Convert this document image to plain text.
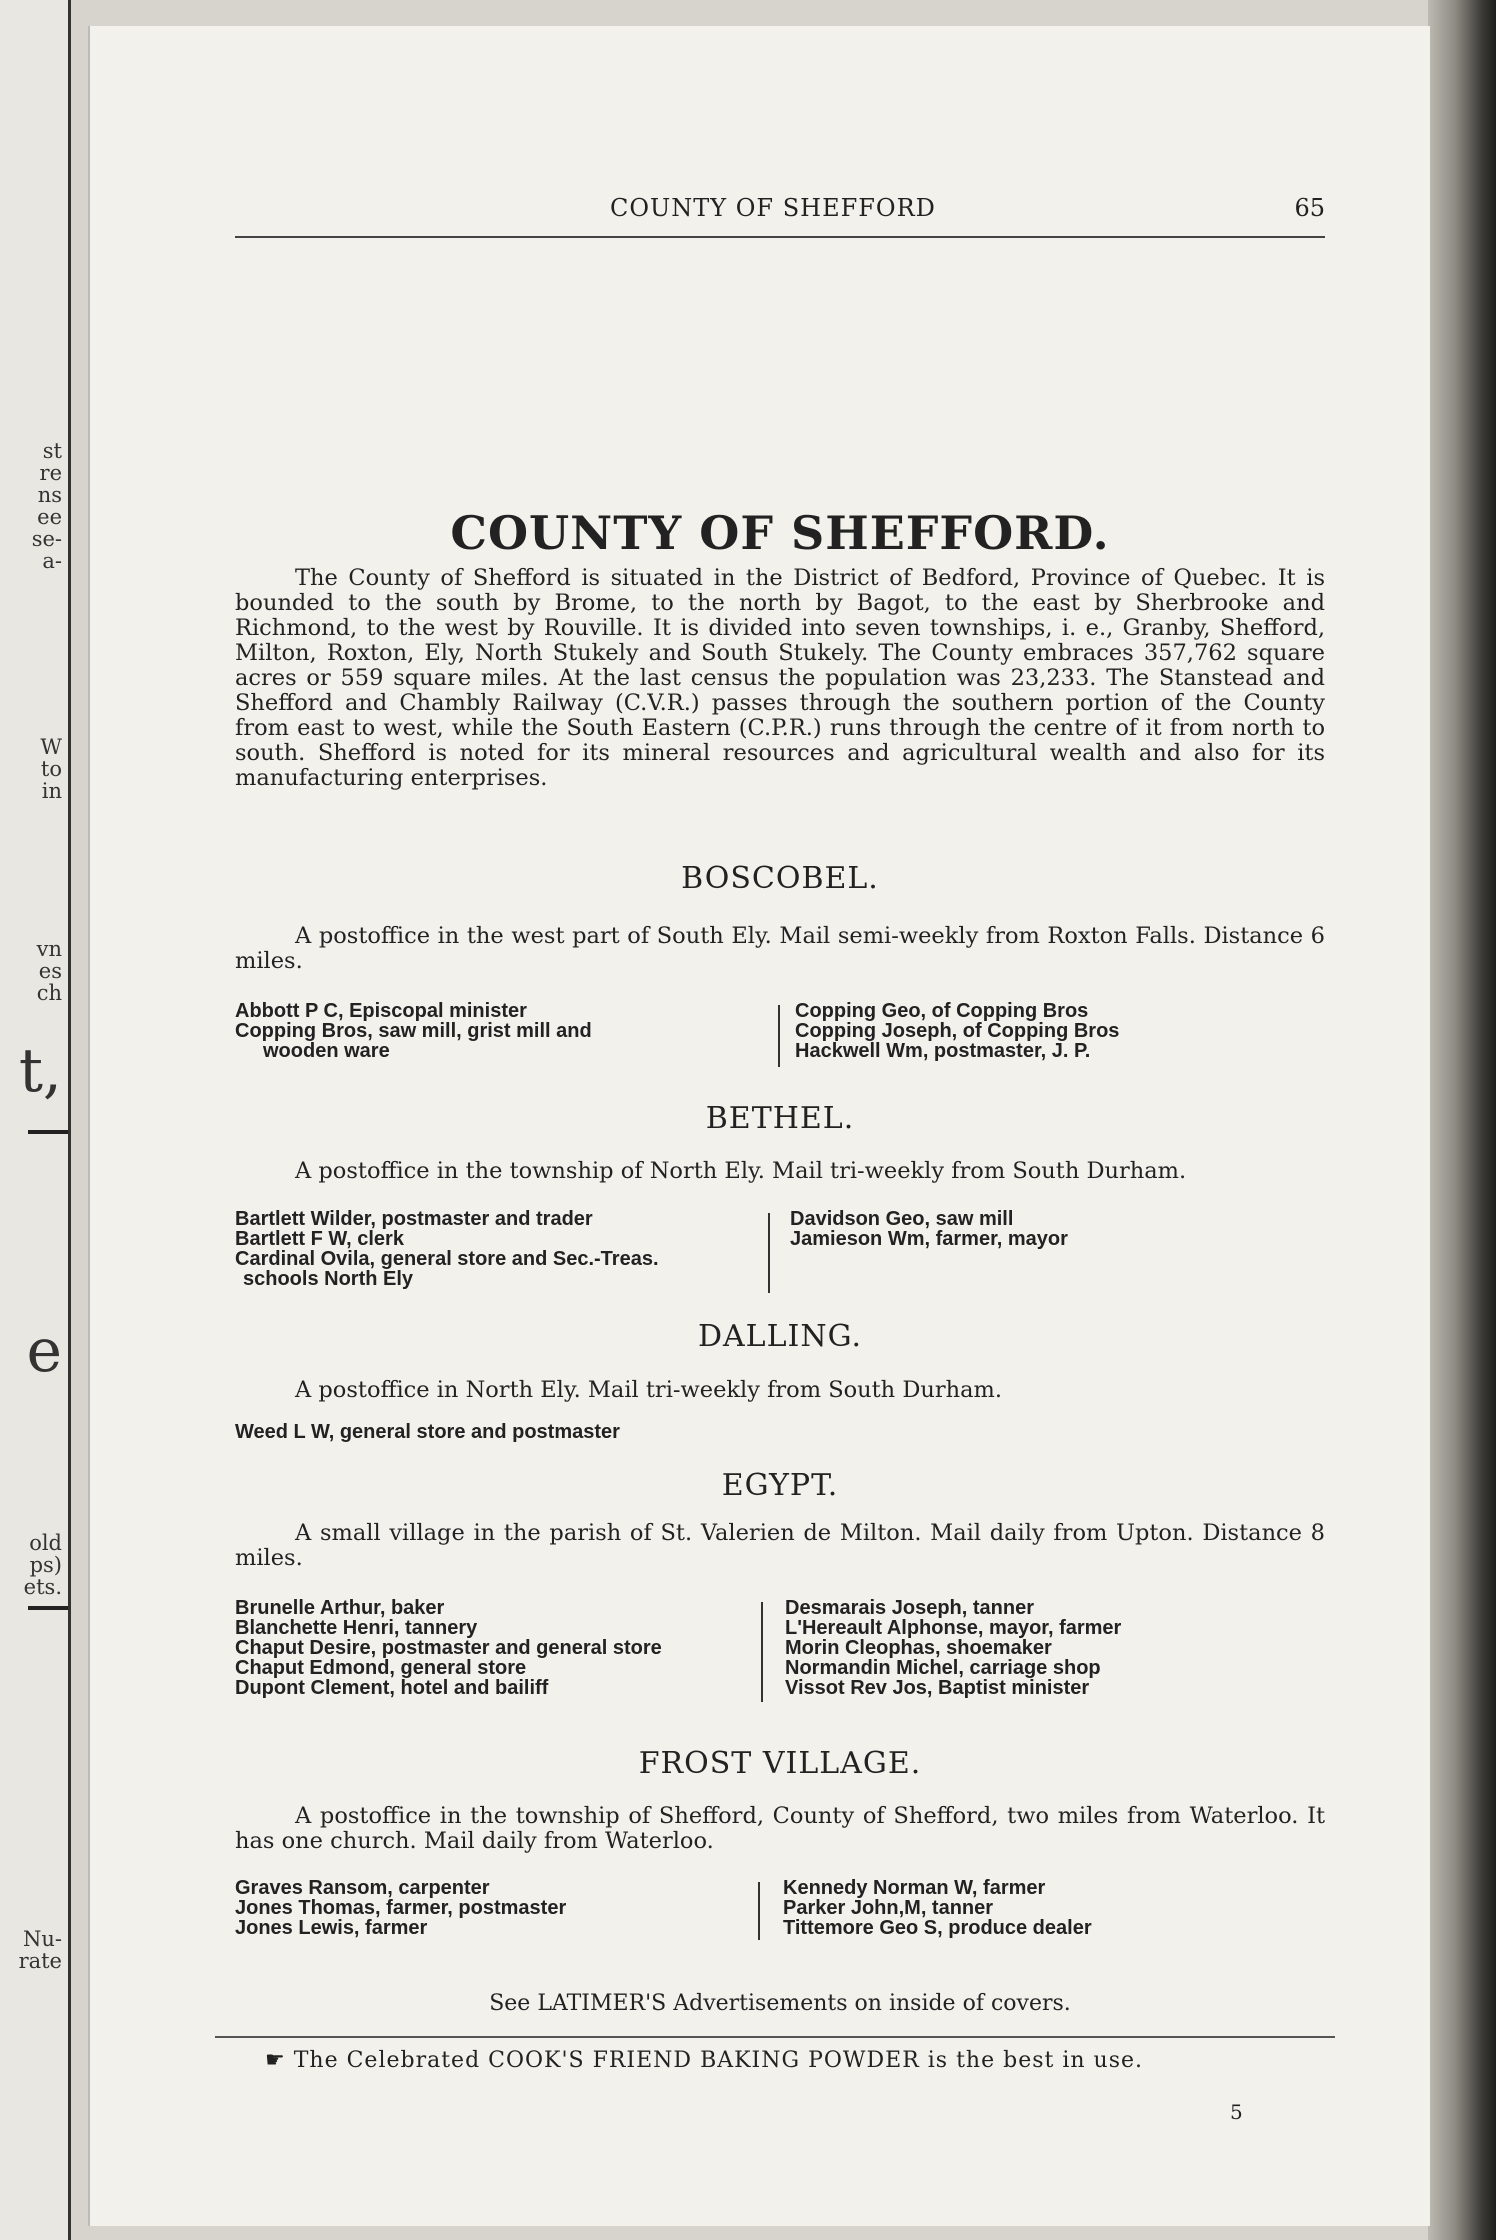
st
re
ns
ee
se-
a-
W
to
in
vn
es
ch
t,
e
old
ps)
ets.
Nu-
rate
COUNTY OF SHEFFORD	65
COUNTY OF SHEFFORD.
The County of Shefford is situated in the District of Bedford, Province of Quebec. It is bounded to the south by Brome, to the north by Bagot, to the east by Sherbrooke and Richmond, to the west by Rouville. It is divided into seven townships, i. e., Granby, Shefford, Milton, Roxton, Ely, North Stukely and South Stukely. The County embraces 357,762 square acres or 559 square miles. At the last census the population was 23,233. The Stanstead and Shefford and Chambly Railway (C.V.R.) passes through the southern portion of the County from east to west, while the South Eastern (C.P.R.) runs through the centre of it from north to south. Shefford is noted for its mineral resources and agricultural wealth and also for its manufacturing enterprises.
BOSCOBEL.
A postoffice in the west part of South Ely. Mail semi-weekly from Roxton Falls. Distance 6 miles.
Abbott P C, Episcopal minister
Copping Bros, saw mill, grist mill and
wooden ware
Copping Geo, of Copping Bros
Copping Joseph, of Copping Bros
Hackwell Wm, postmaster, J. P.
BETHEL.
A postoffice in the township of North Ely. Mail tri-weekly from South Durham.
Bartlett Wilder, postmaster and trader
Bartlett F W, clerk
Cardinal Ovila, general store and Sec.-Treas.
schools North Ely
Davidson Geo, saw mill
Jamieson Wm, farmer, mayor
DALLING.
A postoffice in North Ely. Mail tri-weekly from South Durham.
Weed L W, general store and postmaster
EGYPT.
A small village in the parish of St. Valerien de Milton. Mail daily from Upton. Distance 8 miles.
Brunelle Arthur, baker
Blanchette Henri, tannery
Chaput Desire, postmaster and general store
Chaput Edmond, general store
Dupont Clement, hotel and bailiff
Desmarais Joseph, tanner
L'Hereault Alphonse, mayor, farmer
Morin Cleophas, shoemaker
Normandin Michel, carriage shop
Vissot Rev Jos, Baptist minister
FROST VILLAGE.
A postoffice in the township of Shefford, County of Shefford, two miles from Waterloo. It has one church. Mail daily from Waterloo.
Graves Ransom, carpenter
Jones Thomas, farmer, postmaster
Jones Lewis, farmer
Kennedy Norman W, farmer
Parker John,M, tanner
Tittemore Geo S, produce dealer
See LATIMER'S Advertisements on inside of covers.
☛ The Celebrated COOK'S FRIEND BAKING POWDER is the best in use.
5
